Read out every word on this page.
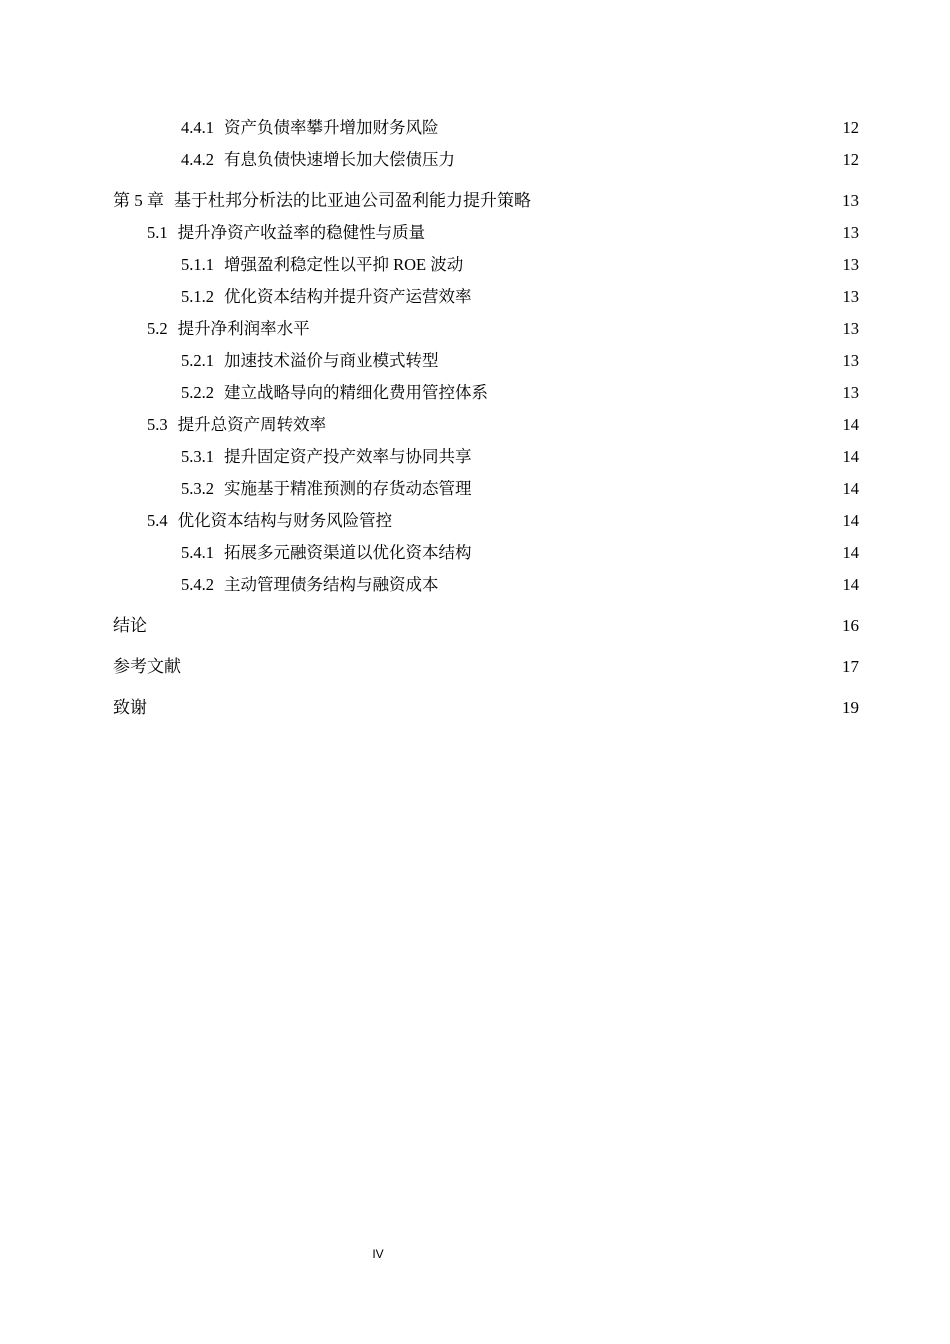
4.4.1 资产负债率攀升增加财务风险	12
4.4.2 有息负债快速增长加大偿债压力	12
第 5 章 基于杜邦分析法的比亚迪公司盈利能力提升策略	13
5.1 提升净资产收益率的稳健性与质量	13
5.1.1 增强盈利稳定性以平抑 ROE 波动	13
5.1.2 优化资本结构并提升资产运营效率	13
5.2 提升净利润率水平	13
5.2.1 加速技术溢价与商业模式转型	13
5.2.2 建立战略导向的精细化费用管控体系	13
5.3 提升总资产周转效率	14
5.3.1 提升固定资产投产效率与协同共享	14
5.3.2 实施基于精准预测的存货动态管理	14
5.4 优化资本结构与财务风险管控	14
5.4.1 拓展多元融资渠道以优化资本结构	14
5.4.2 主动管理债务结构与融资成本	14
结论	16
参考文献	17
致谢	19
IV
